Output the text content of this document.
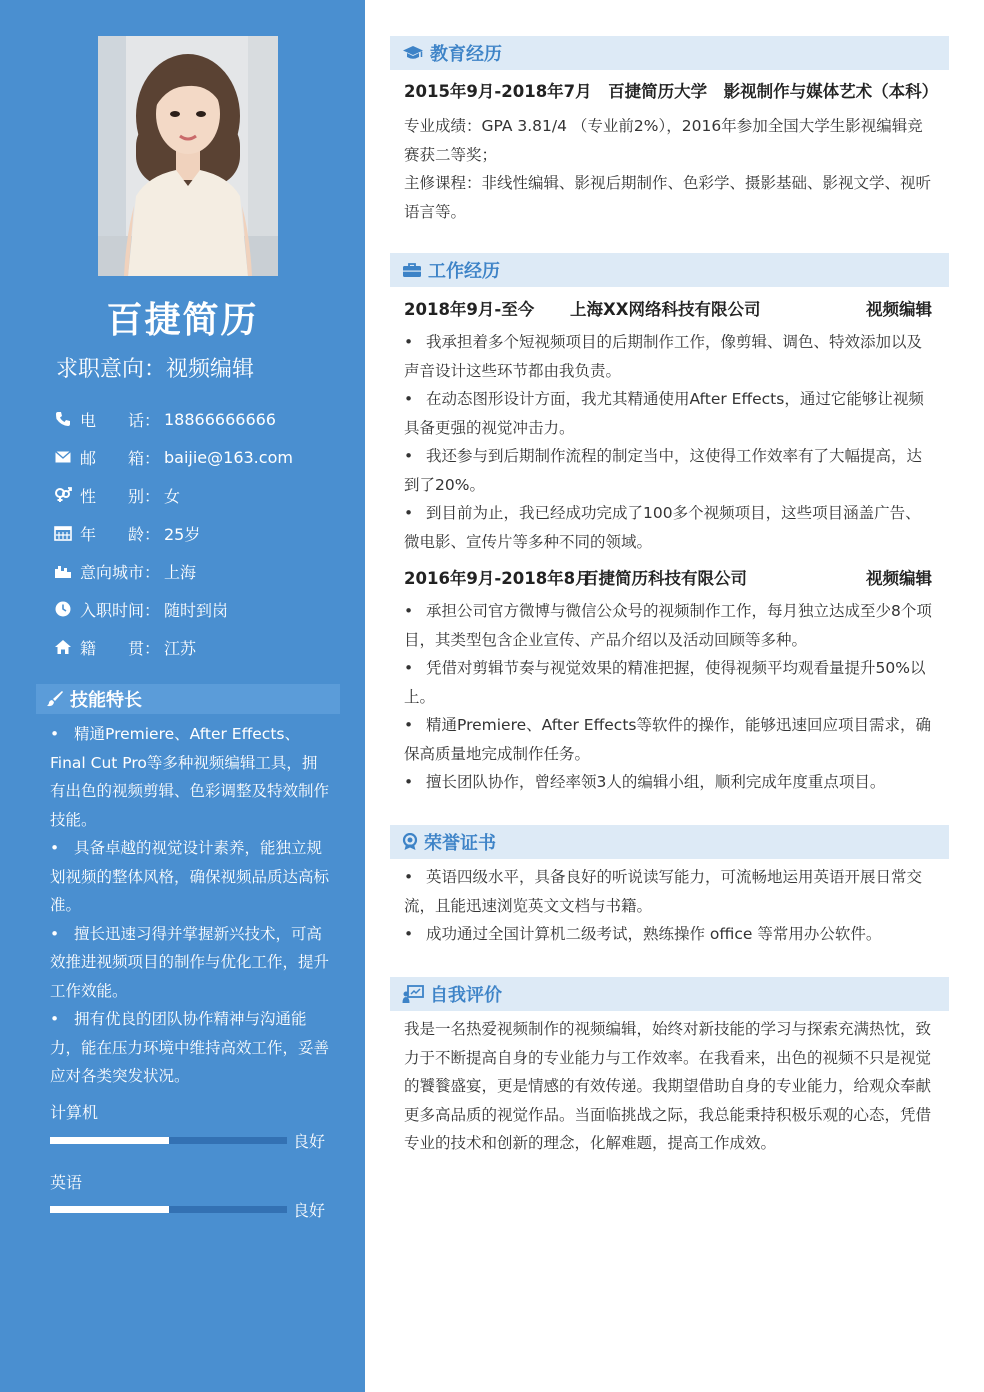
百捷简历
求职意向：视频编辑
电　　话： 18866666666
邮　　箱： baijie@163.com
性　　别： 女
年　　龄： 25岁
意向城市： 上海
入职时间： 随时到岗
籍　　贯： 江苏
技能特长
• 精通Premiere、After Effects、Final Cut Pro等多种视频编辑工具，拥有出色的视频剪辑、色彩调整及特效制作技能。
• 具备卓越的视觉设计素养，能独立规划视频的整体风格，确保视频品质达高标准。
• 擅长迅速习得并掌握新兴技术，可高效推进视频项目的制作与优化工作，提升工作效能。
• 拥有优良的团队协作精神与沟通能力，能在压力环境中维持高效工作，妥善应对各类突发状况。
计算机
良好
英语
良好
教育经历
2015年9月-2018年7月　百捷简历大学　影视制作与媒体艺术（本科）
专业成绩：GPA 3.81/4 （专业前2%），2016年参加全国大学生影视编辑竞赛获二等奖；
主修课程：非线性编辑、影视后期制作、色彩学、摄影基础、影视文学、视听语言等。
工作经历
2018年9月-至今 上海XX网络科技有限公司	视频编辑
• 我承担着多个短视频项目的后期制作工作，像剪辑、调色、特效添加以及声音设计这些环节都由我负责。
• 在动态图形设计方面，我尤其精通使用After Effects，通过它能够让视频具备更强的视觉冲击力。
• 我还参与到后期制作流程的制定当中，这使得工作效率有了大幅提高，达到了20%。
• 到目前为止，我已经成功完成了100多个视频项目，这些项目涵盖广告、微电影、宣传片等多种不同的领域。
2016年9月-2018年8月
百捷简历科技有限公司	视频编辑
• 承担公司官方微博与微信公众号的视频制作工作，每月独立达成至少8个项目，其类型包含企业宣传、产品介绍以及活动回顾等多种。
• 凭借对剪辑节奏与视觉效果的精准把握，使得视频平均观看量提升50%以上。
• 精通Premiere、After Effects等软件的操作，能够迅速回应项目需求，确保高质量地完成制作任务。
• 擅长团队协作，曾经率领3人的编辑小组，顺利完成年度重点项目。
荣誉证书
• 英语四级水平，具备良好的听说读写能力，可流畅地运用英语开展日常交流，且能迅速浏览英文文档与书籍。
• 成功通过全国计算机二级考试，熟练操作 office 等常用办公软件。
自我评价
我是一名热爱视频制作的视频编辑，始终对新技能的学习与探索充满热忱，致力于不断提高自身的专业能力与工作效率。在我看来，出色的视频不只是视觉的饕餮盛宴，更是情感的有效传递。我期望借助自身的专业能力，给观众奉献更多高品质的视觉作品。当面临挑战之际，我总能秉持积极乐观的心态，凭借专业的技术和创新的理念，化解难题，提高工作成效。
